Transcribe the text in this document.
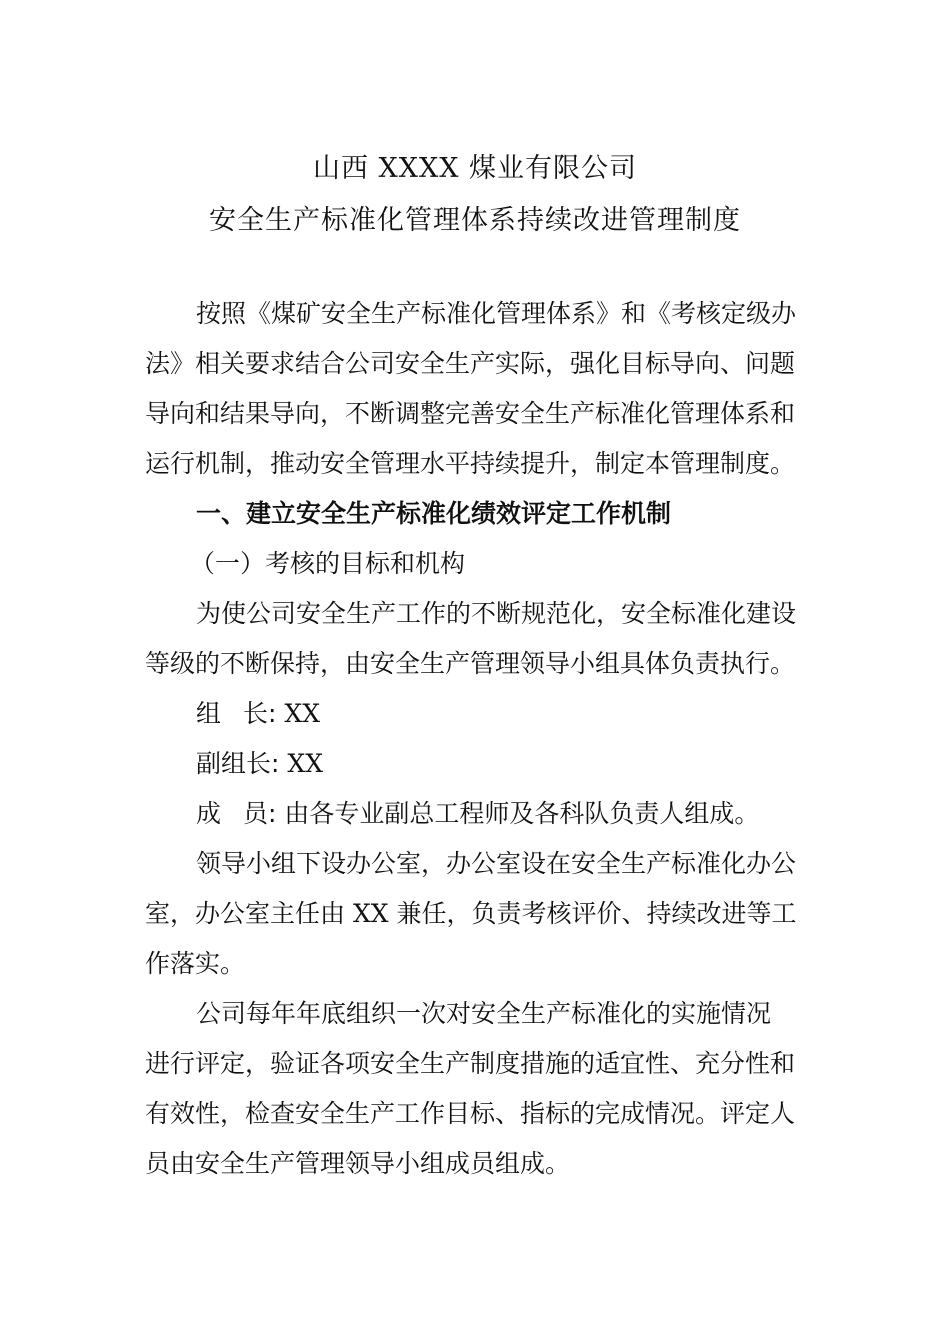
山西 XXXX 煤业有限公司
安全生产标准化管理体系持续改进管理制度
按照《煤矿安全生产标准化管理体系》和《考核定级办
法》相关要求结合公司安全生产实际，强化目标导向、问题
导向和结果导向，不断调整完善安全生产标准化管理体系和
运行机制，推动安全管理水平持续提升，制定本管理制度。
一、建立安全生产标准化绩效评定工作机制
（一）考核的目标和机构
为使公司安全生产工作的不断规范化，安全标准化建设
等级的不断保持，由安全生产管理领导小组具体负责执行。
组 长: XX
副组长: XX
成 员: 由各专业副总工程师及各科队负责人组成。
领导小组下设办公室，办公室设在安全生产标准化办公
室，办公室主任由 XX 兼任，负责考核评价、持续改进等工
作落实。
公司每年年底组织一次对安全生产标准化的实施情况
进行评定，验证各项安全生产制度措施的适宜性、充分性和
有效性，检查安全生产工作目标、指标的完成情况。评定人
员由安全生产管理领导小组成员组成。
